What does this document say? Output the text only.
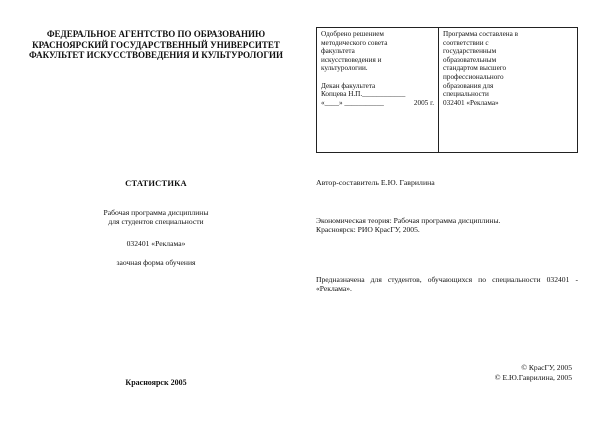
ФЕДЕРАЛЬНОЕ АГЕНТСТВО ПО ОБРАЗОВАНИЮ
КРАСНОЯРСКИЙ ГОСУДАРСТВЕННЫЙ УНИВЕРСИТЕТ
ФАКУЛЬТЕТ ИСКУССТВОВЕДЕНИЯ И КУЛЬТУРОЛОГИИ
Одобрено решением
методического совета
факультета
искусствоведения и
культурологии.
Декан факультета
Копцева Н.П.____________
«____» ___________	2005 г.
Программа составлена в
соответствии с
государственным
образовательным
стандартом высшего
профессионального
образования для
специальности
032401 «Реклама»
СТАТИСТИКА
Рабочая программа дисциплины
для студентов специальности
032401 «Реклама»
заочная форма обучения
Красноярск 2005
Автор-составитель Е.Ю. Гаврилина
Экономическая теория: Рабочая программа дисциплины.
Красноярск: РИО КрасГУ, 2005.
Предназначена для студентов, обучающихся по специальности 032401 - «Реклама».
© КрасГУ, 2005
© Е.Ю.Гаврилина, 2005
